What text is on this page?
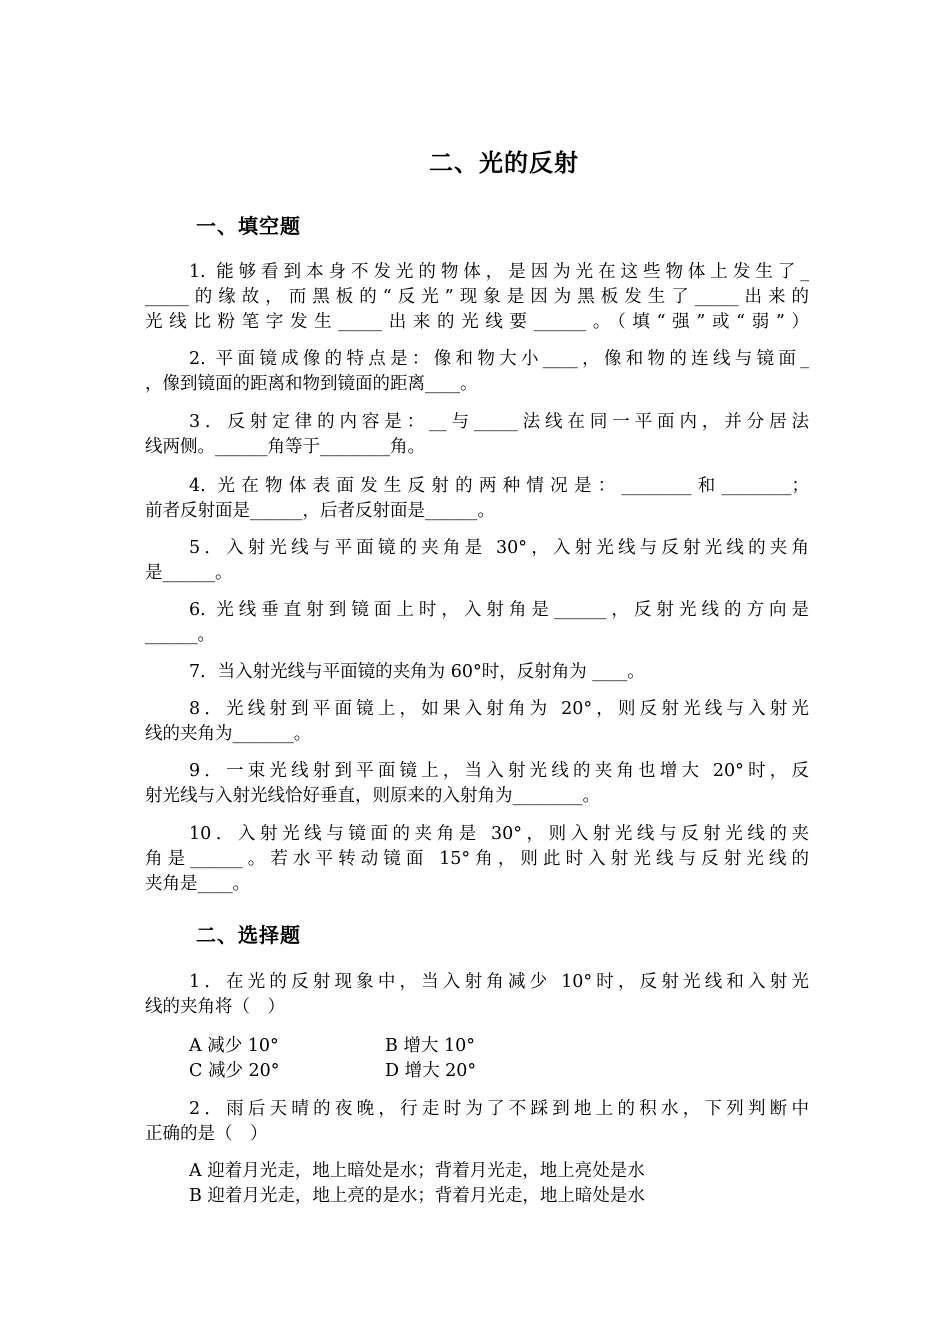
二、光的反射
一、填空题
1. 能够看到本身不发光的物体，是因为光在这些物体上发生了_
_____的缘故，而黑板的“反光”现象是因为黑板发生了_____出来的
光线比粉笔字发生_____出来的光线要______。（填“强”或“弱”）
2. 平面镜成像的特点是：像和物大小____，像和物的连线与镜面_
，像到镜面的距离和物到镜面的距离____。
3．反射定律的内容是：__与_____法线在同一平面内，并分居法
线两侧。______角等于________角。
4. 光在物体表面发生反射的两种情况是：________和________；
前者反射面是______，后者反射面是______。
5．入射光线与平面镜的夹角是 30°，入射光线与反射光线的夹角
是______。
6. 光线垂直射到镜面上时，入射角是______，反射光线的方向是
______。
7．当入射光线与平面镜的夹角为 60°时，反射角为 ____。
8．光线射到平面镜上，如果入射角为 20°，则反射光线与入射光
线的夹角为_______。
9．一束光线射到平面镜上，当入射光线的夹角也增大 20°时，反
射光线与入射光线恰好垂直，则原来的入射角为________。
10．入射光线与镜面的夹角是 30°，则入射光线与反射光线的夹
角是______。若水平转动镜面 15°角，则此时入射光线与反射光线的
夹角是____。
二、选择题
1．在光的反射现象中，当入射角减少 10°时，反射光线和入射光
线的夹角将（　）
A 减少 10°	B 增大 10°
C 减少 20°	D 增大 20°
2．雨后天晴的夜晚，行走时为了不踩到地上的积水，下列判断中
正确的是（　）
A 迎着月光走，地上暗处是水；背着月光走，地上亮处是水
B 迎着月光走，地上亮的是水；背着月光走，地上暗处是水
